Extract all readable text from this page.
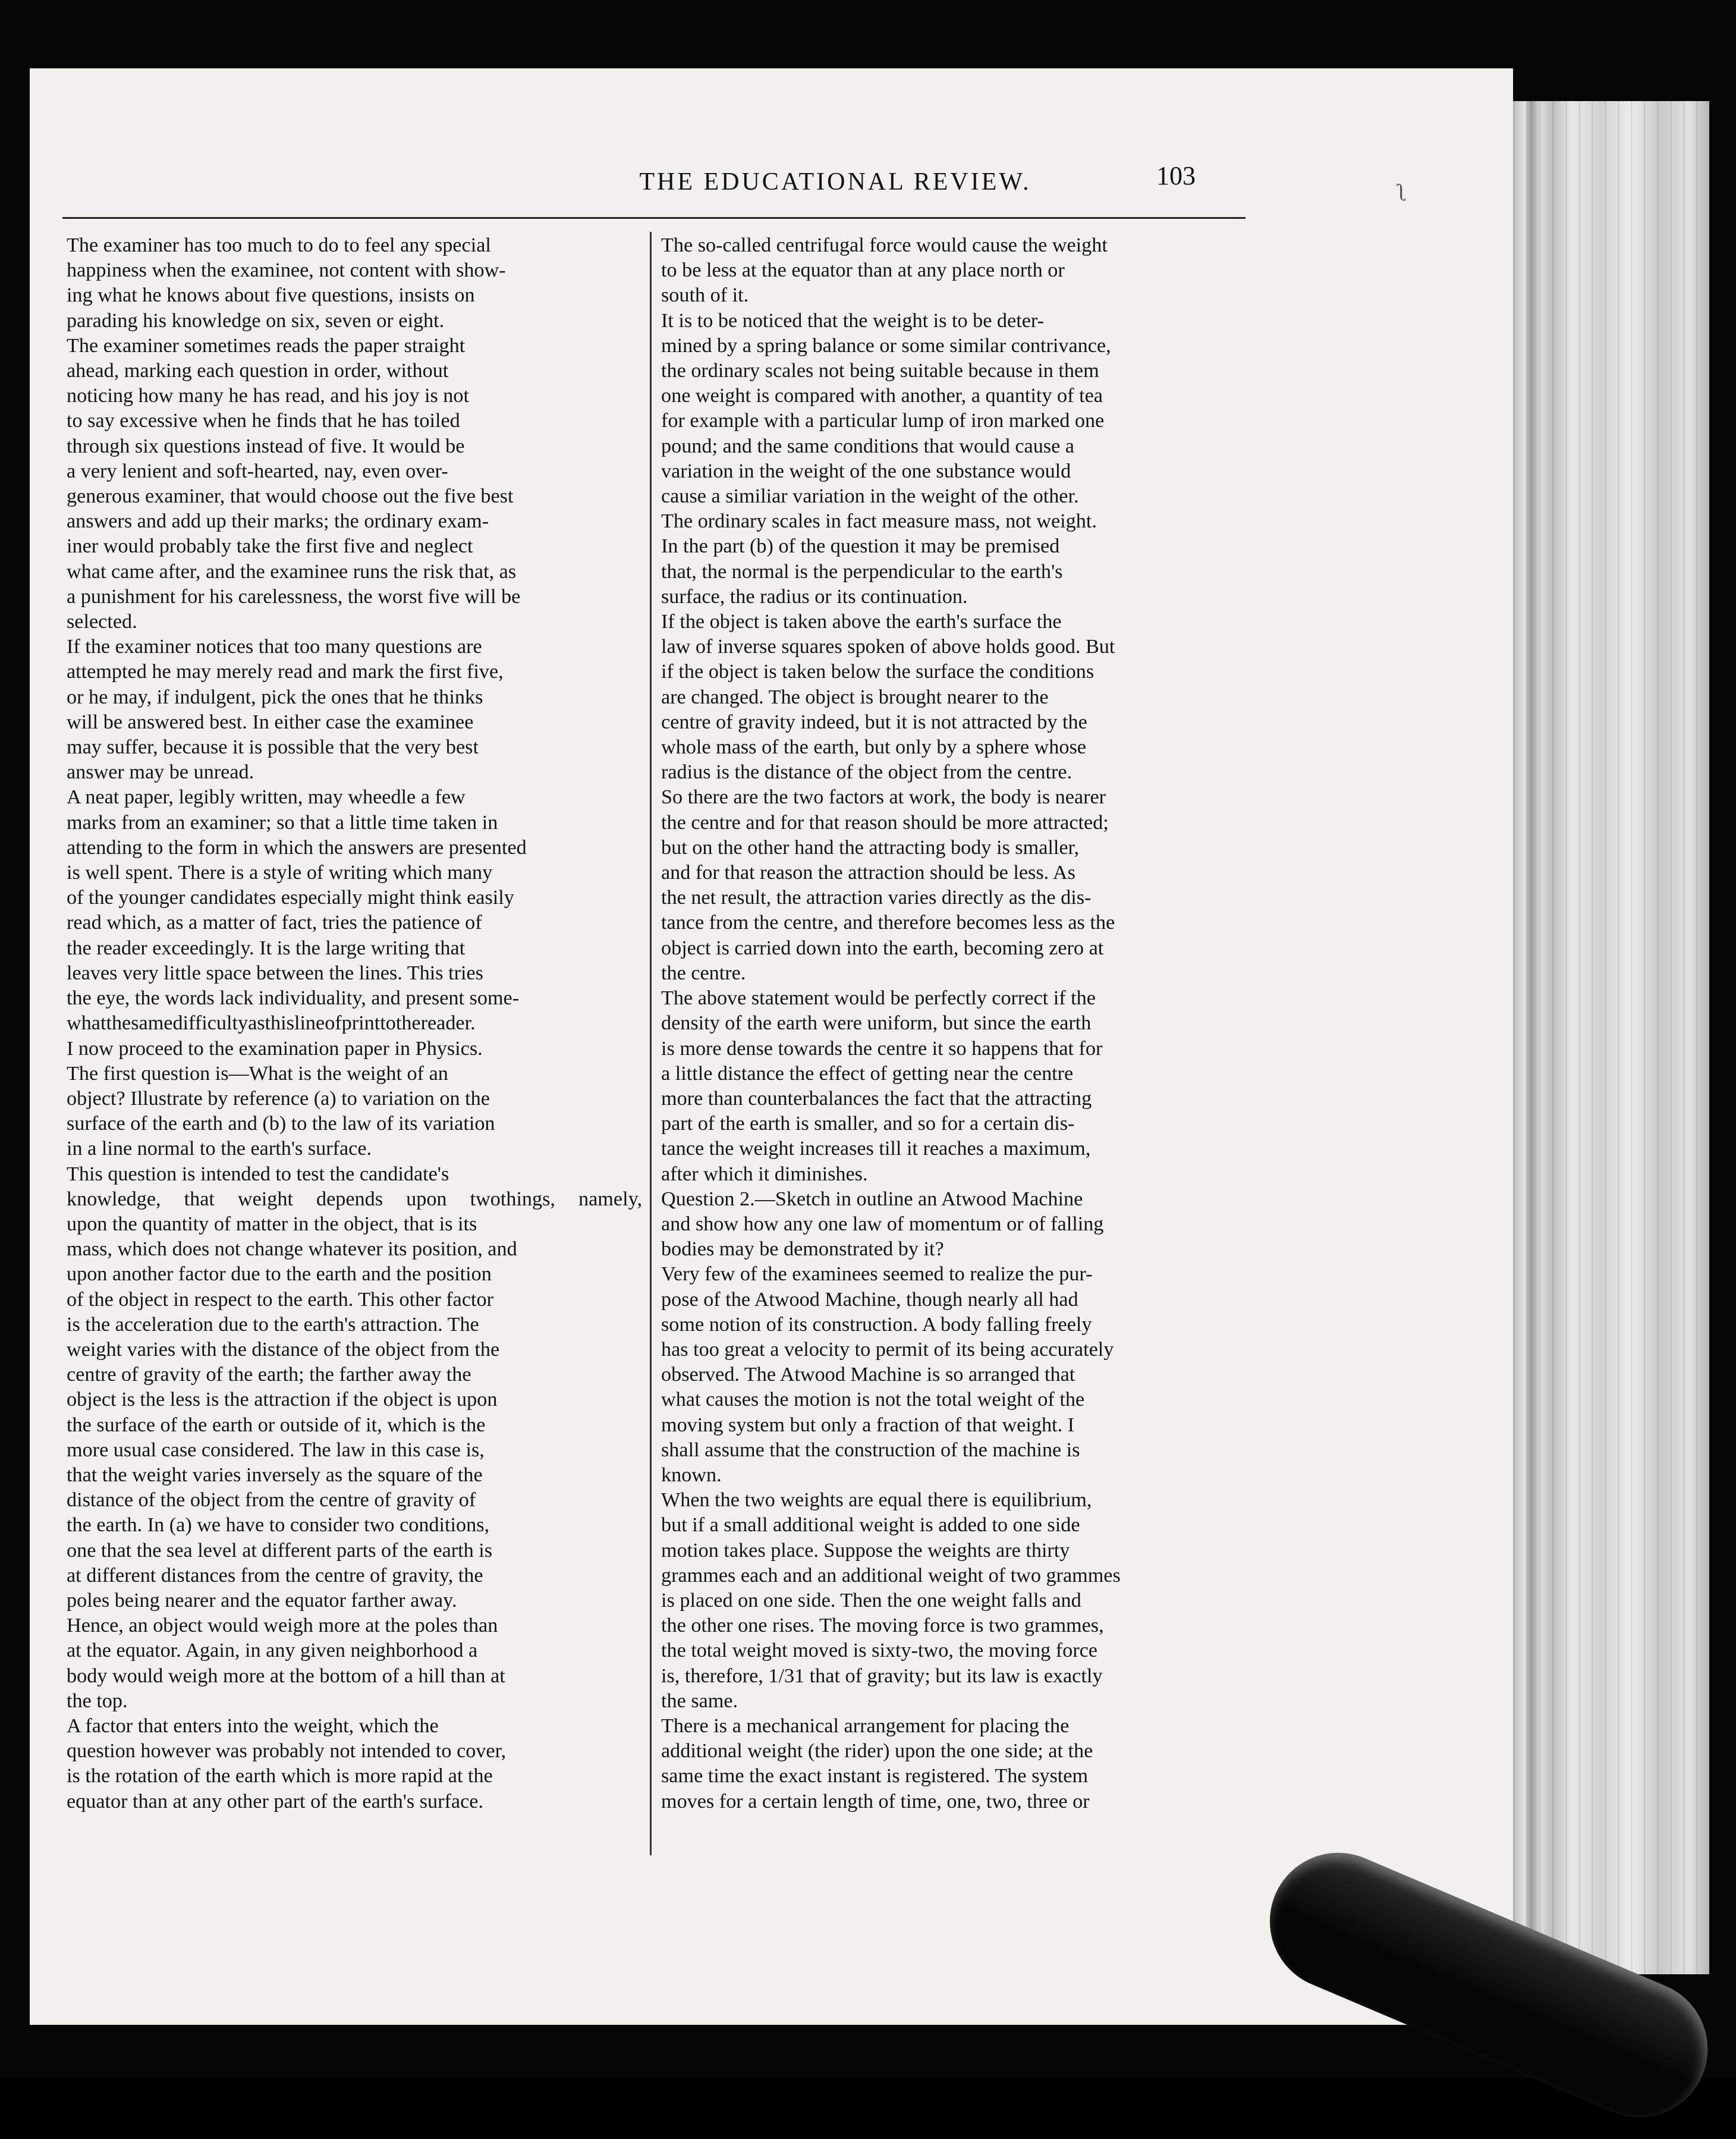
THE EDUCATIONAL REVIEW.	103
The examiner has too much to do to feel any special
happiness when the examinee, not content with show-
ing what he knows about five questions, insists on
parading his knowledge on six, seven or eight.
The examiner sometimes reads the paper straight
ahead, marking each question in order, without
noticing how many he has read, and his joy is not
to say excessive when he finds that he has toiled
through six questions instead of five. It would be
a very lenient and soft-hearted, nay, even over-
generous examiner, that would choose out the five best
answers and add up their marks; the ordinary exam-
iner would probably take the first five and neglect
what came after, and the examinee runs the risk that, as
a punishment for his carelessness, the worst five will be
selected.
If the examiner notices that too many questions are
attempted he may merely read and mark the first five,
or he may, if indulgent, pick the ones that he thinks
will be answered best. In either case the examinee
may suffer, because it is possible that the very best
answer may be unread.
A neat paper, legibly written, may wheedle a few
marks from an examiner; so that a little time taken in
attending to the form in which the answers are presented
is well spent. There is a style of writing which many
of the younger candidates especially might think easily
read which, as a matter of fact, tries the patience of
the reader exceedingly. It is the large writing that
leaves very little space between the lines. This tries
the eye, the words lack individuality, and present some-
whatthesamedifficultyasthislineofprinttothereader.
I now proceed to the examination paper in Physics.
The first question is—What is the weight of an
object? Illustrate by reference (a) to variation on the
surface of the earth and (b) to the law of its variation
in a line normal to the earth's surface.
This question is intended to test the candidate's
knowledge, that weight depends upon twothings, namely,
upon the quantity of matter in the object, that is its
mass, which does not change whatever its position, and
upon another factor due to the earth and the position
of the object in respect to the earth. This other factor
is the acceleration due to the earth's attraction. The
weight varies with the distance of the object from the
centre of gravity of the earth; the farther away the
object is the less is the attraction if the object is upon
the surface of the earth or outside of it, which is the
more usual case considered. The law in this case is,
that the weight varies inversely as the square of the
distance of the object from the centre of gravity of
the earth. In (a) we have to consider two conditions,
one that the sea level at different parts of the earth is
at different distances from the centre of gravity, the
poles being nearer and the equator farther away.
Hence, an object would weigh more at the poles than
at the equator. Again, in any given neighborhood a
body would weigh more at the bottom of a hill than at
the top.
A factor that enters into the weight, which the
question however was probably not intended to cover,
is the rotation of the earth which is more rapid at the
equator than at any other part of the earth's surface.
The so-called centrifugal force would cause the weight
to be less at the equator than at any place north or
south of it.
It is to be noticed that the weight is to be deter-
mined by a spring balance or some similar contrivance,
the ordinary scales not being suitable because in them
one weight is compared with another, a quantity of tea
for example with a particular lump of iron marked one
pound; and the same conditions that would cause a
variation in the weight of the one substance would
cause a similiar variation in the weight of the other.
The ordinary scales in fact measure mass, not weight.
In the part (b) of the question it may be premised
that, the normal is the perpendicular to the earth's
surface, the radius or its continuation.
If the object is taken above the earth's surface the
law of inverse squares spoken of above holds good. But
if the object is taken below the surface the conditions
are changed. The object is brought nearer to the
centre of gravity indeed, but it is not attracted by the
whole mass of the earth, but only by a sphere whose
radius is the distance of the object from the centre.
So there are the two factors at work, the body is nearer
the centre and for that reason should be more attracted;
but on the other hand the attracting body is smaller,
and for that reason the attraction should be less. As
the net result, the attraction varies directly as the dis-
tance from the centre, and therefore becomes less as the
object is carried down into the earth, becoming zero at
the centre.
The above statement would be perfectly correct if the
density of the earth were uniform, but since the earth
is more dense towards the centre it so happens that for
a little distance the effect of getting near the centre
more than counterbalances the fact that the attracting
part of the earth is smaller, and so for a certain dis-
tance the weight increases till it reaches a maximum,
after which it diminishes.
Question 2.—Sketch in outline an Atwood Machine
and show how any one law of momentum or of falling
bodies may be demonstrated by it?
Very few of the examinees seemed to realize the pur-
pose of the Atwood Machine, though nearly all had
some notion of its construction. A body falling freely
has too great a velocity to permit of its being accurately
observed. The Atwood Machine is so arranged that
what causes the motion is not the total weight of the
moving system but only a fraction of that weight. I
shall assume that the construction of the machine is
known.
When the two weights are equal there is equilibrium,
but if a small additional weight is added to one side
motion takes place. Suppose the weights are thirty
grammes each and an additional weight of two grammes
is placed on one side. Then the one weight falls and
the other one rises. The moving force is two grammes,
the total weight moved is sixty-two, the moving force
is, therefore, 1/31 that of gravity; but its law is exactly
the same.
There is a mechanical arrangement for placing the
additional weight (the rider) upon the one side; at the
same time the exact instant is registered. The system
moves for a certain length of time, one, two, three or
ʅ
